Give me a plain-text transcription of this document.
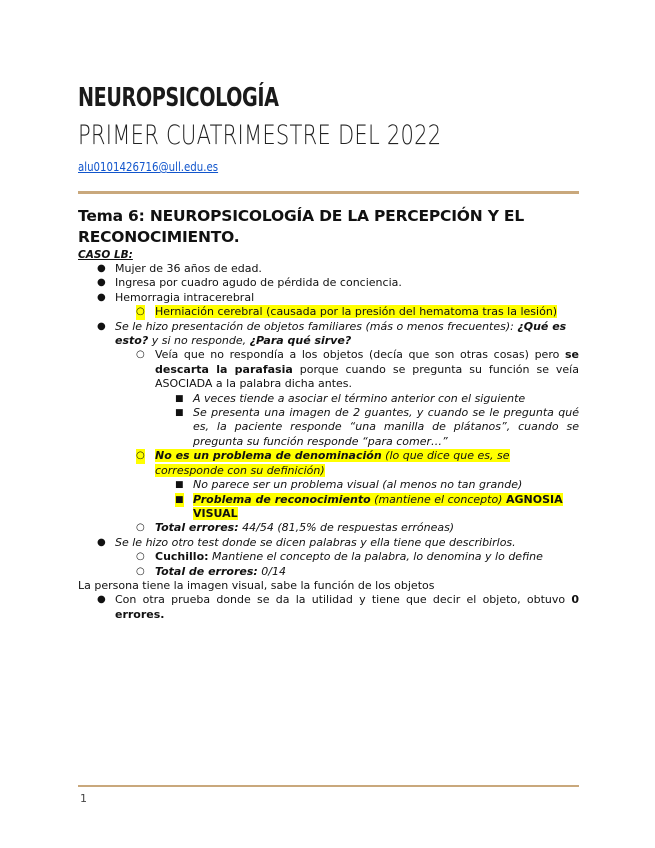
NEUROPSICOLOGÍA
PRIMER CUATRIMESTRE DEL 2022
alu0101426716@ull.edu.es
Tema 6: NEUROPSICOLOGÍA DE LA PERCEPCIÓN Y EL RECONOCIMIENTO.
CASO LB:
● Mujer de 36 años de edad.
● Ingresa por cuadro agudo de pérdida de conciencia.
● Hemorragia intracerebral
○ Herniación cerebral (causada por la presión del hematoma tras la lesión)
● Se le hizo presentación de objetos familiares (más o menos frecuentes): ¿Qué es esto? y si no responde, ¿Para qué sirve?
○ Veía que no respondía a los objetos (decía que son otras cosas) pero se descarta la parafasia porque cuando se pregunta su función se veía ASOCIADA a la palabra dicha antes.
■ A veces tiende a asociar el término anterior con el siguiente
■ Se presenta una imagen de 2 guantes, y cuando se le pregunta qué es, la paciente responde “una manilla de plátanos”, cuando se pregunta su función responde “para comer…”
○ No es un problema de denominación (lo que dice que es, se corresponde con su definición)
■ No parece ser un problema visual (al menos no tan grande)
■ Problema de reconocimiento (mantiene el concepto) AGNOSIA VISUAL
○ Total errores: 44/54 (81,5% de respuestas erróneas)
● Se le hizo otro test donde se dicen palabras y ella tiene que describirlos.
○ Cuchillo: Mantiene el concepto de la palabra, lo denomina y lo define
○ Total de errores: 0/14
La persona tiene la imagen visual, sabe la función de los objetos
● Con otra prueba donde se da la utilidad y tiene que decir el objeto, obtuvo 0 errores.
1
